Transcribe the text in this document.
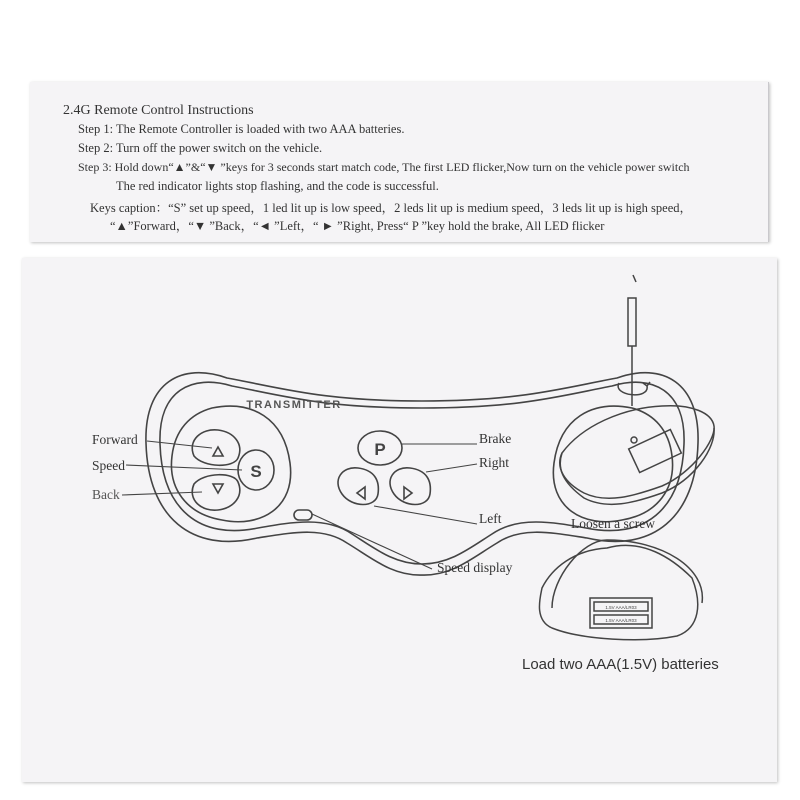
2.4G Remote Control Instructions
Step 1: The Remote Controller is loaded with two AAA batteries.
Step 2: Turn off the power switch on the vehicle.
Step 3: Hold down“▲”&“▼ ”keys for 3 seconds start match code, The first LED flicker,Now turn on the vehicle power switch
The red indicator lights stop flashing, and the code is successful.
Keys caption：“S” set up speed，1 led lit up is low speed，2 leds lit up is medium speed，3 leds lit up is high speed，
“▲”Forward，“▼ ”Back，“◄ ”Left，“ ► ”Right, Press“ P ”key hold the brake, All LED flicker
S
P
TRANSMITTER
1.5V AAA/LR03
1.5V AAA/LR03
Forward
Speed
Back
Brake
Right
Left
Speed display
Loosen a screw
Load two AAA(1.5V) batteries
